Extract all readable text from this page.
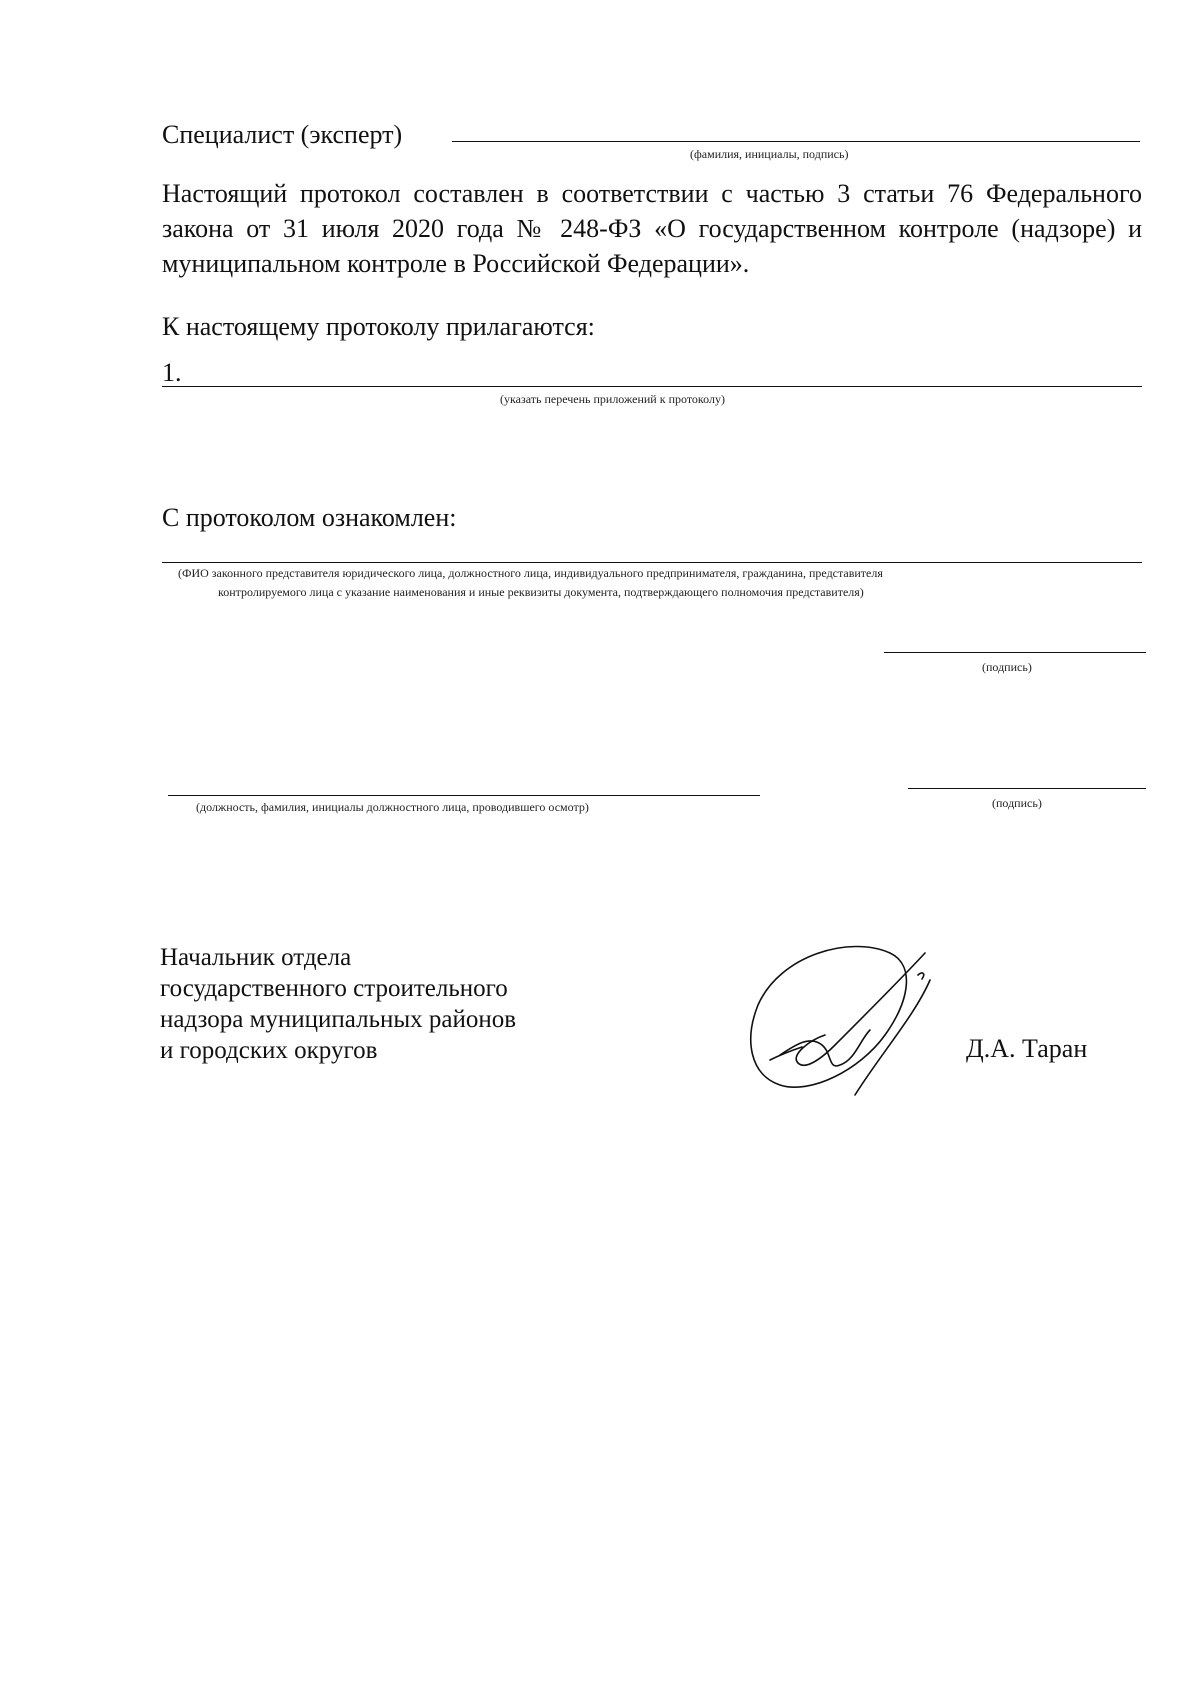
Специалист (эксперт)
(фамилия, инициалы, подпись)
Настоящий протокол составлен в соответствии с частью 3 статьи 76 Федерального закона от 31 июля 2020 года № 248-ФЗ «О государственном контроле (надзоре) и муниципальном контроле в Российской Федерации».
К настоящему протоколу прилагаются:
1.
(указать перечень приложений к протоколу)
С протоколом ознакомлен:
(ФИО законного представителя юридического лица, должностного лица, индивидуального предпринимателя, гражданина, представителя
контролируемого лица с указание наименования и иные реквизиты документа, подтверждающего полномочия представителя)
(подпись)
(должность, фамилия, инициалы должностного лица, проводившего осмотр)	(подпись)
Начальник отдела
государственного строительного
надзора муниципальных районов
и городских округов	Д.А. Таран
